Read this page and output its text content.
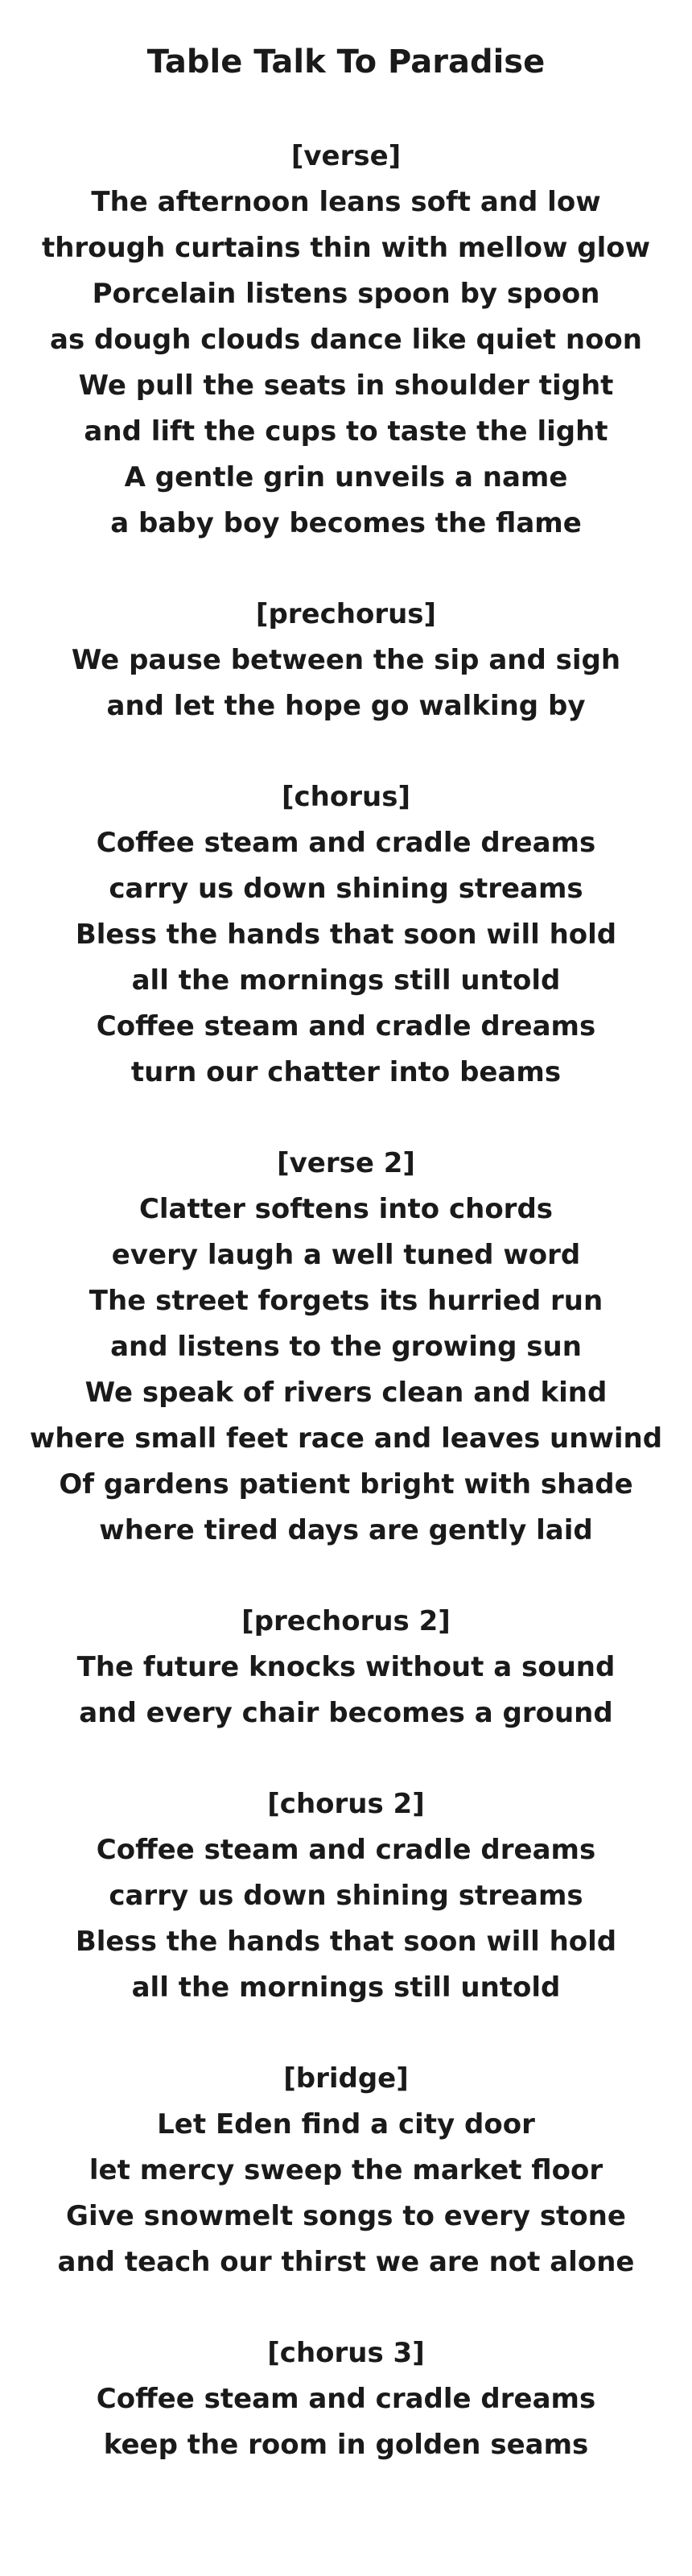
Table Talk To Paradise
[verse]
The afternoon leans soft and low
through curtains thin with mellow glow
Porcelain listens spoon by spoon
as dough clouds dance like quiet noon
We pull the seats in shoulder tight
and lift the cups to taste the light
A gentle grin unveils a name
a baby boy becomes the flame
[prechorus]
We pause between the sip and sigh
and let the hope go walking by
[chorus]
Coffee steam and cradle dreams
carry us down shining streams
Bless the hands that soon will hold
all the mornings still untold
Coffee steam and cradle dreams
turn our chatter into beams
[verse 2]
Clatter softens into chords
every laugh a well tuned word
The street forgets its hurried run
and listens to the growing sun
We speak of rivers clean and kind
where small feet race and leaves unwind
Of gardens patient bright with shade
where tired days are gently laid
[prechorus 2]
The future knocks without a sound
and every chair becomes a ground
[chorus 2]
Coffee steam and cradle dreams
carry us down shining streams
Bless the hands that soon will hold
all the mornings still untold
[bridge]
Let Eden find a city door
let mercy sweep the market floor
Give snowmelt songs to every stone
and teach our thirst we are not alone
[chorus 3]
Coffee steam and cradle dreams
keep the room in golden seams
